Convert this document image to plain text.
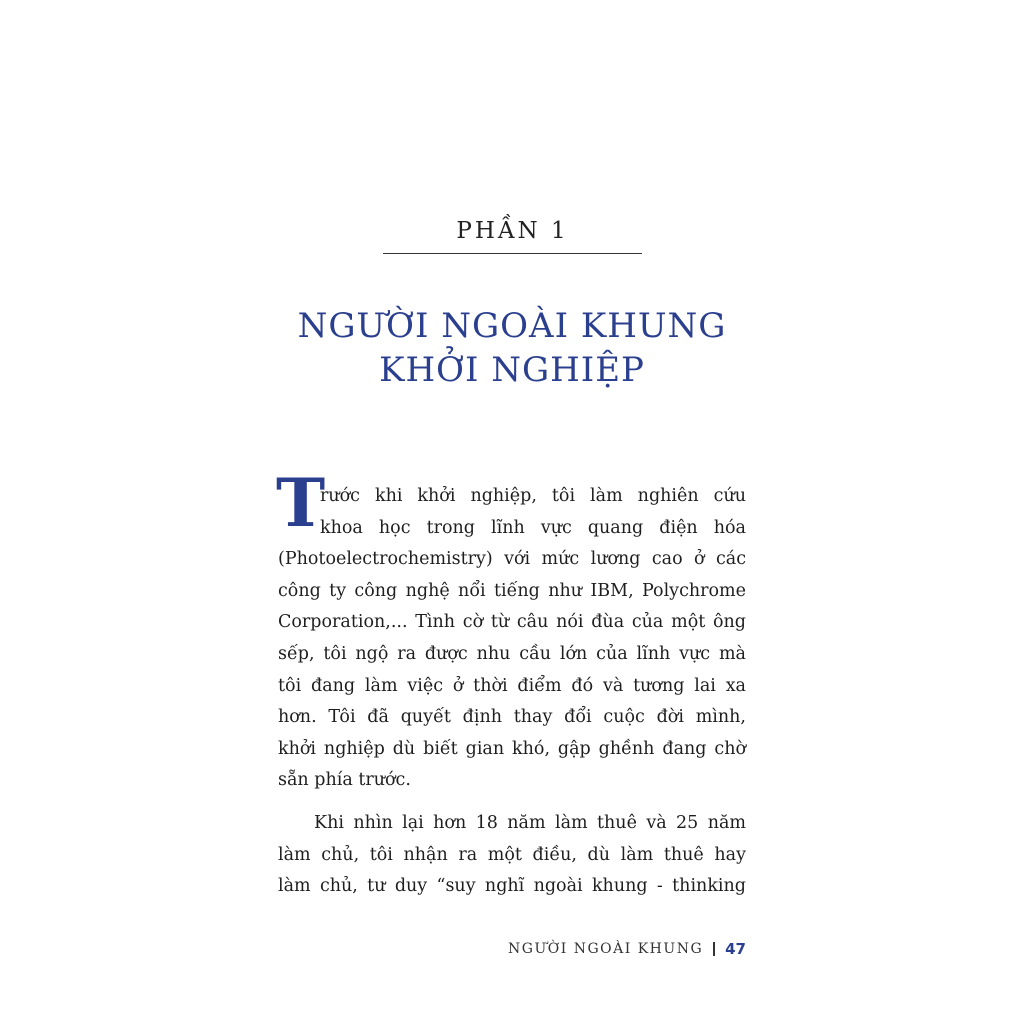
PHẦN 1
NGƯỜI NGOÀI KHUNG
KHỞI NGHIỆP
T
rước khi khởi nghiệp, tôi làm nghiên cứu
khoa học trong lĩnh vực quang điện hóa
(Photoelectrochemistry) với mức lương cao ở các
công ty công nghệ nổi tiếng như IBM, Polychrome
Corporation,... Tình cờ từ câu nói đùa của một ông
sếp, tôi ngộ ra được nhu cầu lớn của lĩnh vực mà
tôi đang làm việc ở thời điểm đó và tương lai xa
hơn. Tôi đã quyết định thay đổi cuộc đời mình,
khởi nghiệp dù biết gian khó, gập ghềnh đang chờ
sẵn phía trước.
Khi nhìn lại hơn 18 năm làm thuê và 25 năm
làm chủ, tôi nhận ra một điều, dù làm thuê hay
làm chủ, tư duy “suy nghĩ ngoài khung - thinking
NGƯỜI NGOÀI KHUNG 47
